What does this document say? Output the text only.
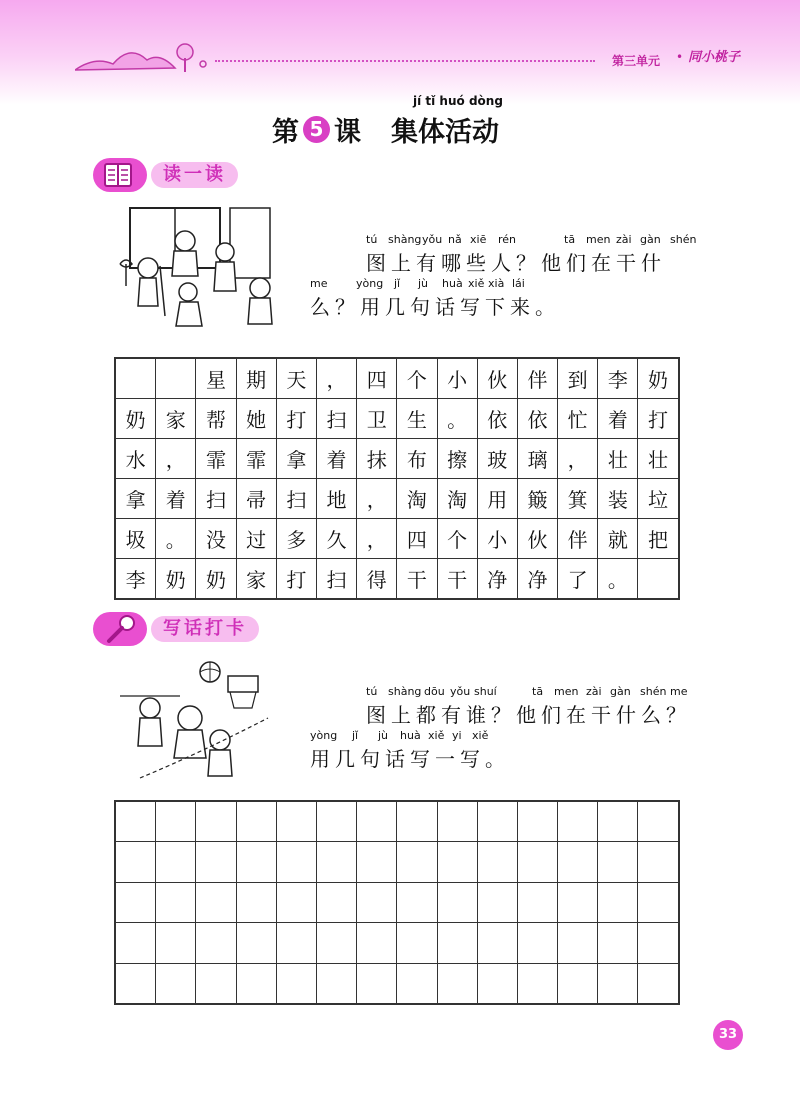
第三单元 • 同小桃子
jí tǐ huó dòng
第 5 课 集体活动
读一读
tú shàng yǒu nǎ xiē rén	tā men zài gàn shén
图上有哪些人？他们在干什
me	yòng jǐ jù huà xiě xià lái
么？用几句话写下来。
		星	期	天	，	四	个	小	伙	伴	到	李	奶
奶	家	帮	她	打	扫	卫	生	。	依	依	忙	着	打
水	，	霏	霏	拿	着	抹	布	擦	玻	璃	，	壮	壮
拿	着	扫	帚	扫	地	，	淘	淘	用	簸	箕	装	垃
圾	。	没	过	多	久	，	四	个	小	伙	伴	就	把
李	奶	奶	家	打	扫	得	干	干	净	净	了	。	
写话打卡
tú shàng dōu yǒu shuí	tā men zài gàn shén me
图上都有谁？他们在干什么？
yòng jǐ jù huà xiě yi xiě
用几句话写一写。

33
